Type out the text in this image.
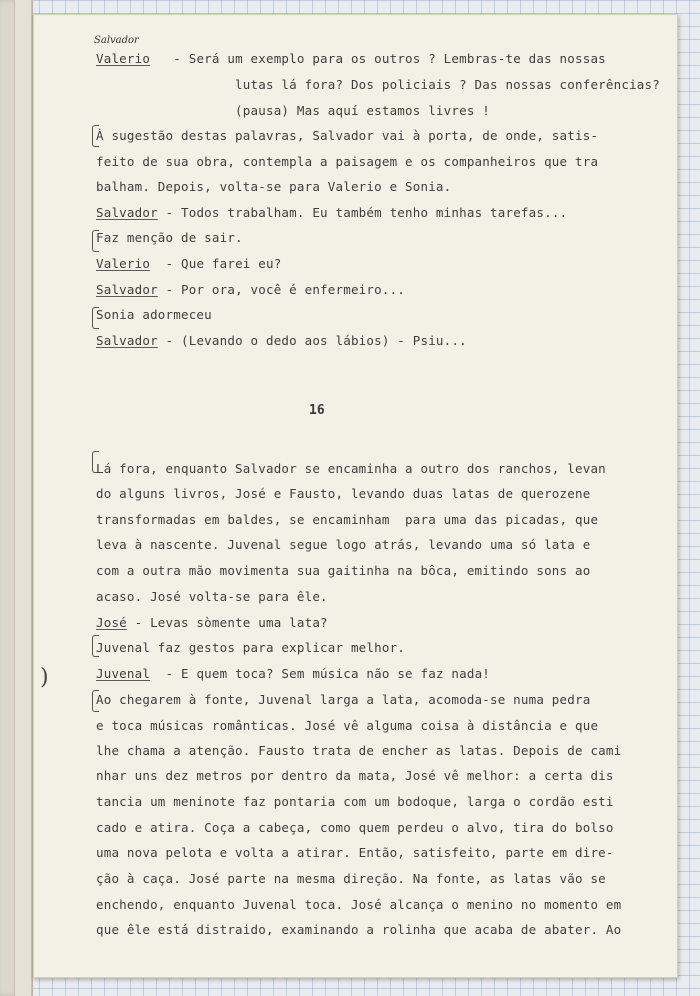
Salvador
16
)
Valerio   - Será um exemplo para os outros ? Lembras-te das nossas
lutas lá fora? Dos policiais ? Das nossas conferências?
(pausa) Mas aquí estamos livres !
À sugestão destas palavras, Salvador vai à porta, de onde, satis-
feito de sua obra, contempla a paisagem e os companheiros que tra
balham. Depois, volta-se para Valerio e Sonia.
Salvador - Todos trabalham. Eu também tenho minhas tarefas...
Faz menção de sair.
Valerio  - Que farei eu?
Salvador - Por ora, você é enfermeiro...
Sonia adormeceu
Salvador - (Levando o dedo aos lábios) - Psiu...
Lá fora, enquanto Salvador se encaminha a outro dos ranchos, levan
do alguns livros, José e Fausto, levando duas latas de querozene
transformadas em baldes, se encaminham  para uma das picadas, que
leva à nascente. Juvenal segue logo atrás, levando uma só lata e
com a outra mão movimenta sua gaitinha na bôca, emitindo sons ao
acaso. José volta-se para êle.
José - Levas sòmente uma lata?
Juvenal faz gestos para explicar melhor.
Juvenal  - E quem toca? Sem música não se faz nada!
Ao chegarem à fonte, Juvenal larga a lata, acomoda-se numa pedra
e toca músicas românticas. José vê alguma coisa à distância e que
lhe chama a atenção. Fausto trata de encher as latas. Depois de cami
nhar uns dez metros por dentro da mata, José vê melhor: a certa dis
tancia um meninote faz pontaria com um bodoque, larga o cordão esti
cado e atira. Coça a cabeça, como quem perdeu o alvo, tira do bolso
uma nova pelota e volta a atirar. Então, satisfeito, parte em dire-
ção à caça. José parte na mesma direção. Na fonte, as latas vão se
enchendo, enquanto Juvenal toca. José alcança o menino no momento em
que êle está distraido, examinando a rolinha que acaba de abater. Ao
